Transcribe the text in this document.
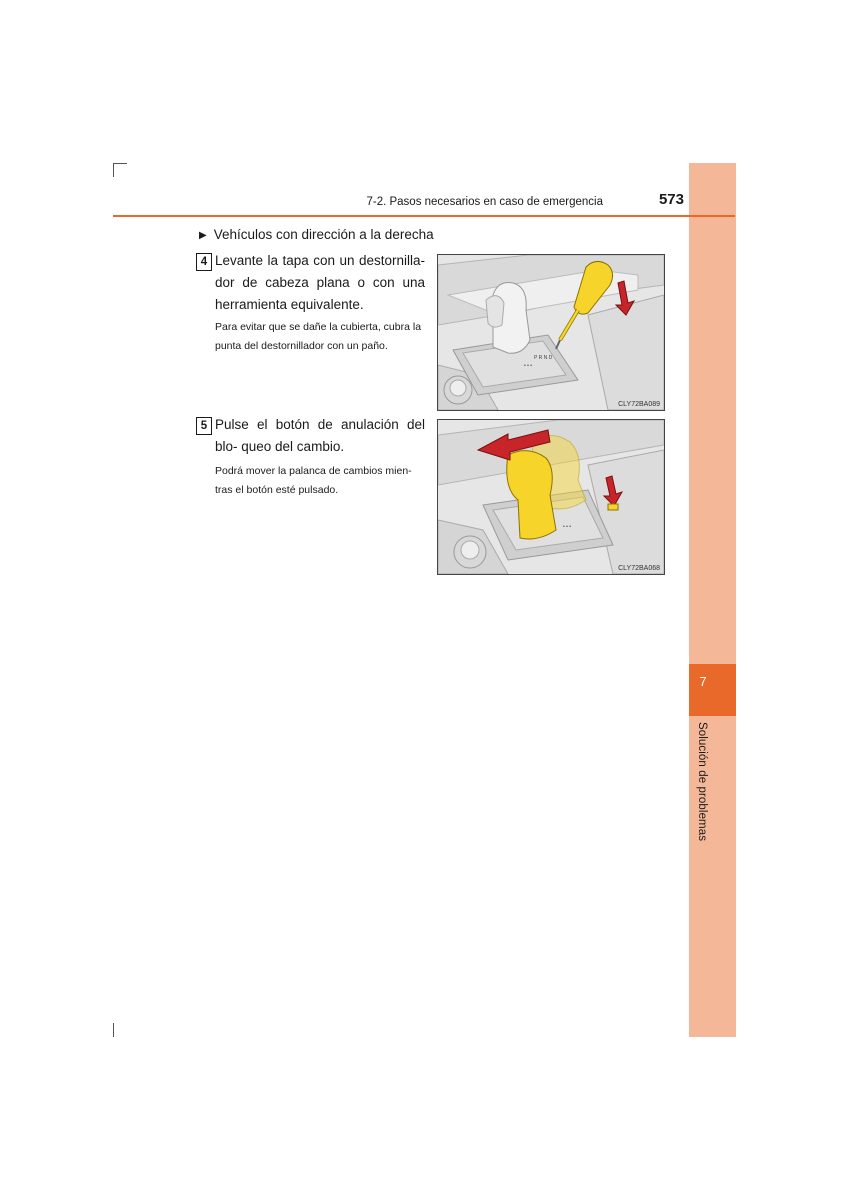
7
Solución de problemas
7-2. Pasos necesarios en caso de emergencia	573
▶ Vehículos con dirección a la derecha
4 Levante la tapa con un destornilla- dor de cabeza plana o con una herramienta equivalente.
Para evitar que se dañe la cubierta, cubra la punta del destornillador con un paño.
• • •
P R N D
CLY72BA089
5 Pulse el botón de anulación del blo- queo del cambio.
Podrá mover la palanca de cambios mien- tras el botón esté pulsado.
• • •
CLY72BA068
